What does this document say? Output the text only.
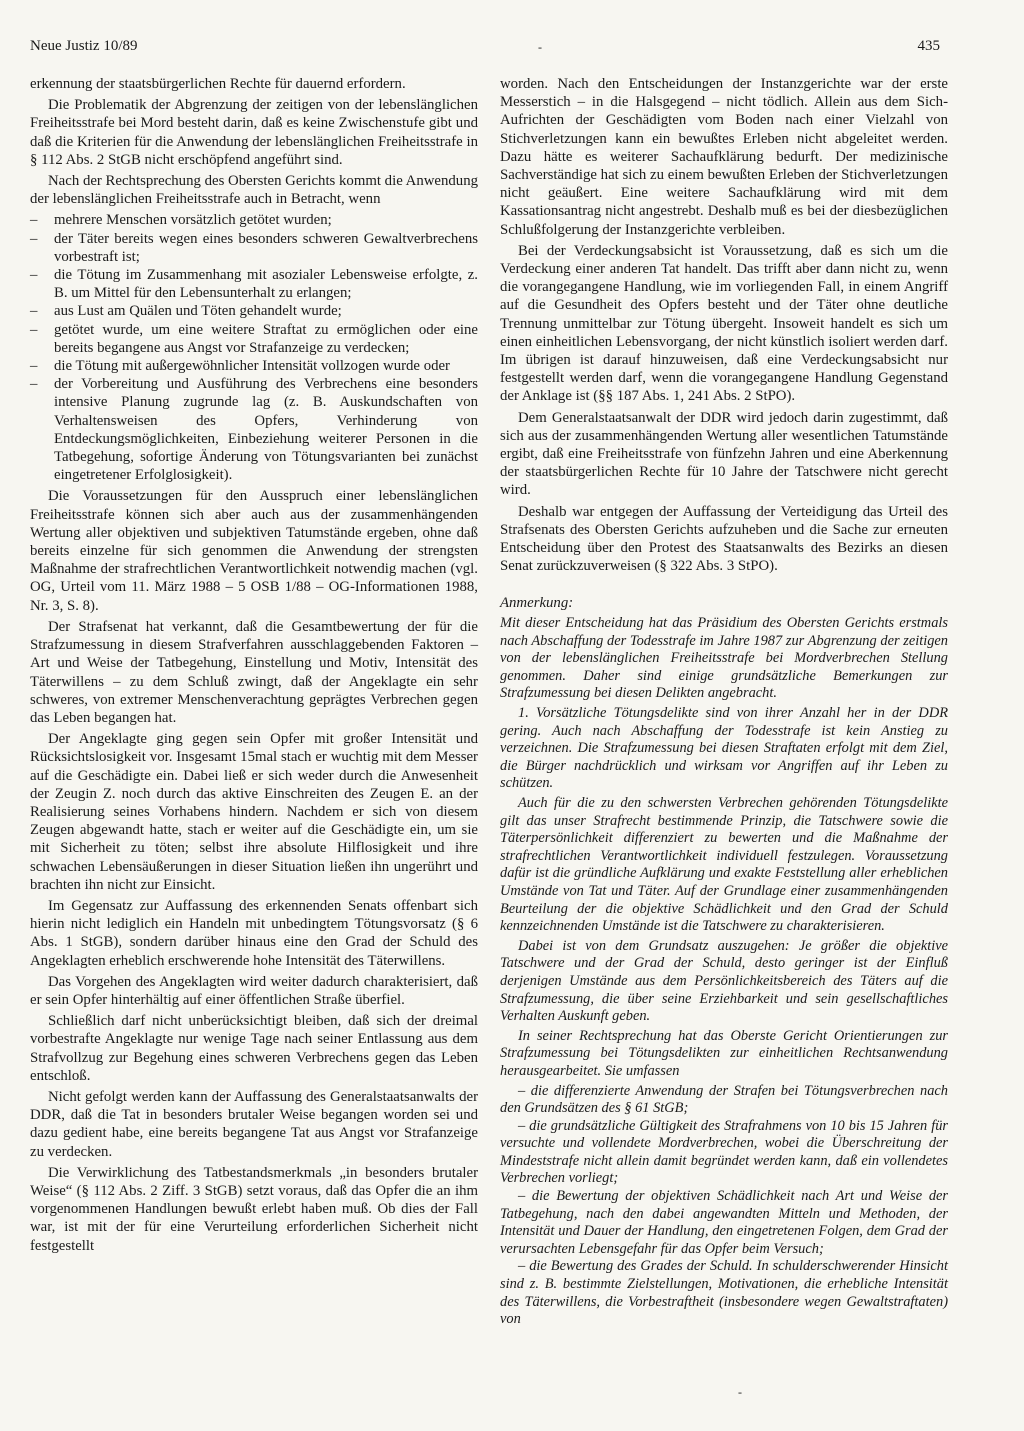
Neue Justiz 10/89	-	435

erkennung der staatsbürgerlichen Rechte für dauernd erfordern.

Die Problematik der Abgrenzung der zeitigen von der lebenslänglichen Freiheitsstrafe bei Mord besteht darin, daß es keine Zwischenstufe gibt und daß die Kriterien für die Anwendung der lebenslänglichen Freiheitsstrafe in § 112 Abs. 2 StGB nicht erschöpfend angeführt sind.

Nach der Rechtsprechung des Obersten Gerichts kommt die Anwendung der lebenslänglichen Freiheitsstrafe auch in Betracht, wenn

– mehrere Menschen vorsätzlich getötet wurden;
– der Täter bereits wegen eines besonders schweren Gewaltverbrechens vorbestraft ist;
– die Tötung im Zusammenhang mit asozialer Lebensweise erfolgte, z. B. um Mittel für den Lebensunterhalt zu erlangen;
– aus Lust am Quälen und Töten gehandelt wurde;
– getötet wurde, um eine weitere Straftat zu ermöglichen oder eine bereits begangene aus Angst vor Strafanzeige zu verdecken;
– die Tötung mit außergewöhnlicher Intensität vollzogen wurde oder
– der Vorbereitung und Ausführung des Verbrechens eine besonders intensive Planung zugrunde lag (z. B. Auskundschaften von Verhaltensweisen des Opfers, Verhinderung von Entdeckungsmöglichkeiten, Einbeziehung weiterer Personen in die Tatbegehung, sofortige Änderung von Tötungsvarianten bei zunächst eingetretener Erfolglosigkeit).

Die Voraussetzungen für den Ausspruch einer lebenslänglichen Freiheitsstrafe können sich aber auch aus der zusammenhängenden Wertung aller objektiven und subjektiven Tatumstände ergeben, ohne daß bereits einzelne für sich genommen die Anwendung der strengsten Maßnahme der strafrechtlichen Verantwortlichkeit notwendig machen (vgl. OG, Urteil vom 11. März 1988 – 5 OSB 1/88 – OG-Informationen 1988, Nr. 3, S. 8).

Der Strafsenat hat verkannt, daß die Gesamtbewertung der für die Strafzumessung in diesem Strafverfahren ausschlaggebenden Faktoren – Art und Weise der Tatbegehung, Einstellung und Motiv, Intensität des Täterwillens – zu dem Schluß zwingt, daß der Angeklagte ein sehr schweres, von extremer Menschenverachtung geprägtes Verbrechen gegen das Leben begangen hat.

Der Angeklagte ging gegen sein Opfer mit großer Intensität und Rücksichtslosigkeit vor. Insgesamt 15mal stach er wuchtig mit dem Messer auf die Geschädigte ein. Dabei ließ er sich weder durch die Anwesenheit der Zeugin Z. noch durch das aktive Einschreiten des Zeugen E. an der Realisierung seines Vorhabens hindern. Nachdem er sich von diesem Zeugen abgewandt hatte, stach er weiter auf die Geschädigte ein, um sie mit Sicherheit zu töten; selbst ihre absolute Hilflosigkeit und ihre schwachen Lebensäußerungen in dieser Situation ließen ihn ungerührt und brachten ihn nicht zur Einsicht.

Im Gegensatz zur Auffassung des erkennenden Senats offenbart sich hierin nicht lediglich ein Handeln mit unbedingtem Tötungsvorsatz (§ 6 Abs. 1 StGB), sondern darüber hinaus eine den Grad der Schuld des Angeklagten erheblich erschwerende hohe Intensität des Täterwillens.

Das Vorgehen des Angeklagten wird weiter dadurch charakterisiert, daß er sein Opfer hinterhältig auf einer öffentlichen Straße überfiel.

Schließlich darf nicht unberücksichtigt bleiben, daß sich der dreimal vorbestrafte Angeklagte nur wenige Tage nach seiner Entlassung aus dem Strafvollzug zur Begehung eines schweren Verbrechens gegen das Leben entschloß.

Nicht gefolgt werden kann der Auffassung des Generalstaatsanwalts der DDR, daß die Tat in besonders brutaler Weise begangen worden sei und dazu gedient habe, eine bereits begangene Tat aus Angst vor Strafanzeige zu verdecken.

Die Verwirklichung des Tatbestandsmerkmals „in besonders brutaler Weise“ (§ 112 Abs. 2 Ziff. 3 StGB) setzt voraus, daß das Opfer die an ihm vorgenommenen Handlungen bewußt erlebt haben muß. Ob dies der Fall war, ist mit der für eine Verurteilung erforderlichen Sicherheit nicht festgestellt

worden. Nach den Entscheidungen der Instanzgerichte war der erste Messerstich – in die Halsgegend – nicht tödlich. Allein aus dem Sich-Aufrichten der Geschädigten vom Boden nach einer Vielzahl von Stichverletzungen kann ein bewußtes Erleben nicht abgeleitet werden. Dazu hätte es weiterer Sachaufklärung bedurft. Der medizinische Sachverständige hat sich zu einem bewußten Erleben der Stichverletzungen nicht geäußert. Eine weitere Sachaufklärung wird mit dem Kassationsantrag nicht angestrebt. Deshalb muß es bei der diesbezüglichen Schlußfolgerung der Instanzgerichte verbleiben.

Bei der Verdeckungsabsicht ist Voraussetzung, daß es sich um die Verdeckung einer anderen Tat handelt. Das trifft aber dann nicht zu, wenn die vorangegangene Handlung, wie im vorliegenden Fall, in einem Angriff auf die Gesundheit des Opfers besteht und der Täter ohne deutliche Trennung unmittelbar zur Tötung übergeht. Insoweit handelt es sich um einen einheitlichen Lebensvorgang, der nicht künstlich isoliert werden darf. Im übrigen ist darauf hinzuweisen, daß eine Verdeckungsabsicht nur festgestellt werden darf, wenn die vorangegangene Handlung Gegenstand der Anklage ist (§§ 187 Abs. 1, 241 Abs. 2 StPO).

Dem Generalstaatsanwalt der DDR wird jedoch darin zugestimmt, daß sich aus der zusammenhängenden Wertung aller wesentlichen Tatumstände ergibt, daß eine Freiheitsstrafe von fünfzehn Jahren und eine Aberkennung der staatsbürgerlichen Rechte für 10 Jahre der Tatschwere nicht gerecht wird.

Deshalb war entgegen der Auffassung der Verteidigung das Urteil des Strafsenats des Obersten Gerichts aufzuheben und die Sache zur erneuten Entscheidung über den Protest des Staatsanwalts des Bezirks an diesen Senat zurückzuverweisen (§ 322 Abs. 3 StPO).

Anmerkung:

Mit dieser Entscheidung hat das Präsidium des Obersten Gerichts erstmals nach Abschaffung der Todesstrafe im Jahre 1987 zur Abgrenzung der zeitigen von der lebenslänglichen Freiheitsstrafe bei Mordverbrechen Stellung genommen. Daher sind einige grundsätzliche Bemerkungen zur Strafzumessung bei diesen Delikten angebracht.

1. Vorsätzliche Tötungsdelikte sind von ihrer Anzahl her in der DDR gering. Auch nach Abschaffung der Todesstrafe ist kein Anstieg zu verzeichnen. Die Strafzumessung bei diesen Straftaten erfolgt mit dem Ziel, die Bürger nachdrücklich und wirksam vor Angriffen auf ihr Leben zu schützen.

Auch für die zu den schwersten Verbrechen gehörenden Tötungsdelikte gilt das unser Strafrecht bestimmende Prinzip, die Tatschwere sowie die Täterpersönlichkeit differenziert zu bewerten und die Maßnahme der strafrechtlichen Verantwortlichkeit individuell festzulegen. Voraussetzung dafür ist die gründliche Aufklärung und exakte Feststellung aller erheblichen Umstände von Tat und Täter. Auf der Grundlage einer zusammenhängenden Beurteilung der die objektive Schädlichkeit und den Grad der Schuld kennzeichnenden Umstände ist die Tatschwere zu charakterisieren.

Dabei ist von dem Grundsatz auszugehen: Je größer die objektive Tatschwere und der Grad der Schuld, desto geringer ist der Einfluß derjenigen Umstände aus dem Persönlichkeitsbereich des Täters auf die Strafzumessung, die über seine Erziehbarkeit und sein gesellschaftliches Verhalten Auskunft geben.

In seiner Rechtsprechung hat das Oberste Gericht Orientierungen zur Strafzumessung bei Tötungsdelikten zur einheitlichen Rechtsanwendung herausgearbeitet. Sie umfassen

– die differenzierte Anwendung der Strafen bei Tötungsverbrechen nach den Grundsätzen des § 61 StGB;
– die grundsätzliche Gültigkeit des Strafrahmens von 10 bis 15 Jahren für versuchte und vollendete Mordverbrechen, wobei die Überschreitung der Mindeststrafe nicht allein damit begründet werden kann, daß ein vollendetes Verbrechen vorliegt;
– die Bewertung der objektiven Schädlichkeit nach Art und Weise der Tatbegehung, nach den dabei angewandten Mitteln und Methoden, der Intensität und Dauer der Handlung, den eingetretenen Folgen, dem Grad der verursachten Lebensgefahr für das Opfer beim Versuch;
– die Bewertung des Grades der Schuld. In schulderschwerender Hinsicht sind z. B. bestimmte Zielstellungen, Motivationen, die erhebliche Intensität des Täterwillens, die Vorbestraftheit (insbesondere wegen Gewaltstraftaten) von
-
